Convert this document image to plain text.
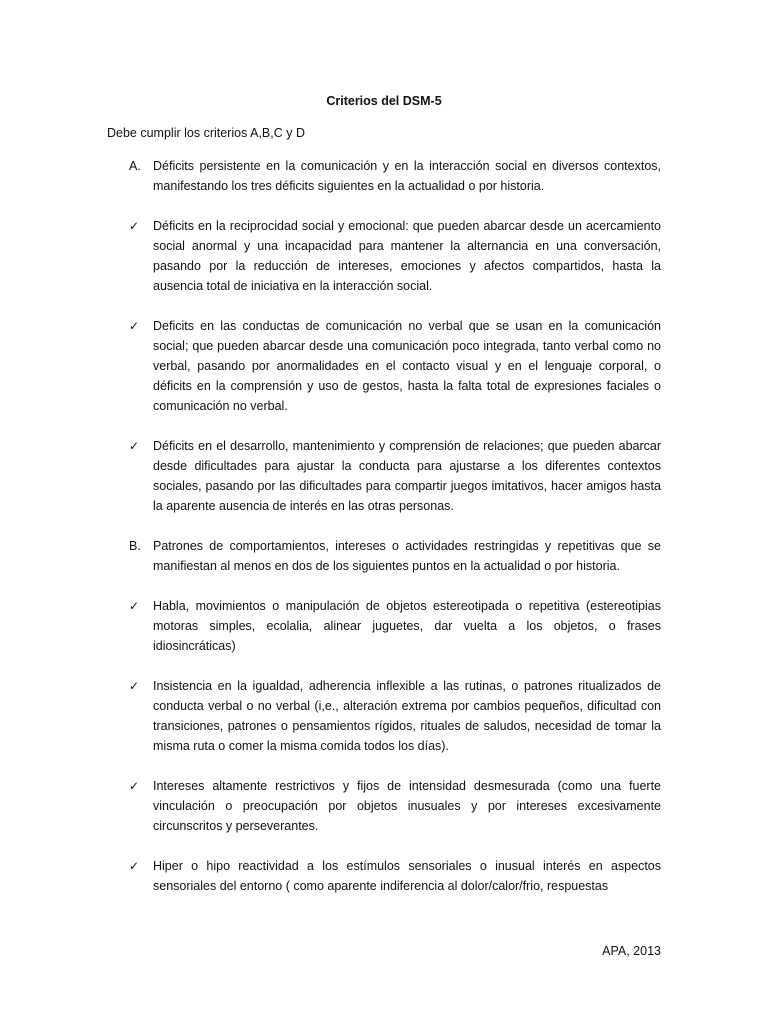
Criterios del DSM-5
Debe cumplir los criterios A,B,C y D
A. Déficits persistente en la comunicación y en la interacción social en diversos contextos, manifestando los tres déficits siguientes en la actualidad o por historia.
✓ Déficits en la reciprocidad social y emocional: que pueden abarcar desde un acercamiento social anormal y una incapacidad para mantener la alternancia en una conversación, pasando por la reducción de intereses, emociones y afectos compartidos, hasta la ausencia total de iniciativa en la interacción social.
✓ Deficits en las conductas de comunicación no verbal que se usan en la comunicación social; que pueden abarcar desde una comunicación poco integrada, tanto verbal como no verbal, pasando por anormalidades en el contacto visual y en el lenguaje corporal, o déficits en la comprensión y uso de gestos, hasta la falta total de expresiones faciales o comunicación no verbal.
✓ Déficits en el desarrollo, mantenimiento y comprensión de relaciones; que pueden abarcar desde dificultades para ajustar la conducta para ajustarse a los diferentes contextos sociales, pasando por las dificultades para compartir juegos imitativos, hacer amigos hasta la aparente ausencia de interés en las otras personas.
B. Patrones de comportamientos, intereses o actividades restringidas y repetitivas que se manifiestan al menos en dos de los siguientes puntos en la actualidad o por historia.
✓ Habla, movimientos o manipulación de objetos estereotipada o repetitiva (estereotipias motoras simples, ecolalia, alinear juguetes, dar vuelta a los objetos, o frases idiosincráticas)
✓ Insistencia en la igualdad, adherencia inflexible a las rutinas, o patrones ritualizados de conducta verbal o no verbal (i,e., alteración extrema por cambios pequeños, dificultad con transiciones, patrones o pensamientos rígidos, rituales de saludos, necesidad de tomar la misma ruta o comer la misma comida todos los días).
✓ Intereses altamente restrictivos y fijos de intensidad desmesurada (como una fuerte vinculación o preocupación por objetos inusuales y por intereses excesivamente circunscritos y perseverantes.
✓ Hiper o hipo reactividad a los estímulos sensoriales o inusual interés en aspectos sensoriales del entorno ( como aparente indiferencia al dolor/calor/frio, respuestas
APA, 2013
